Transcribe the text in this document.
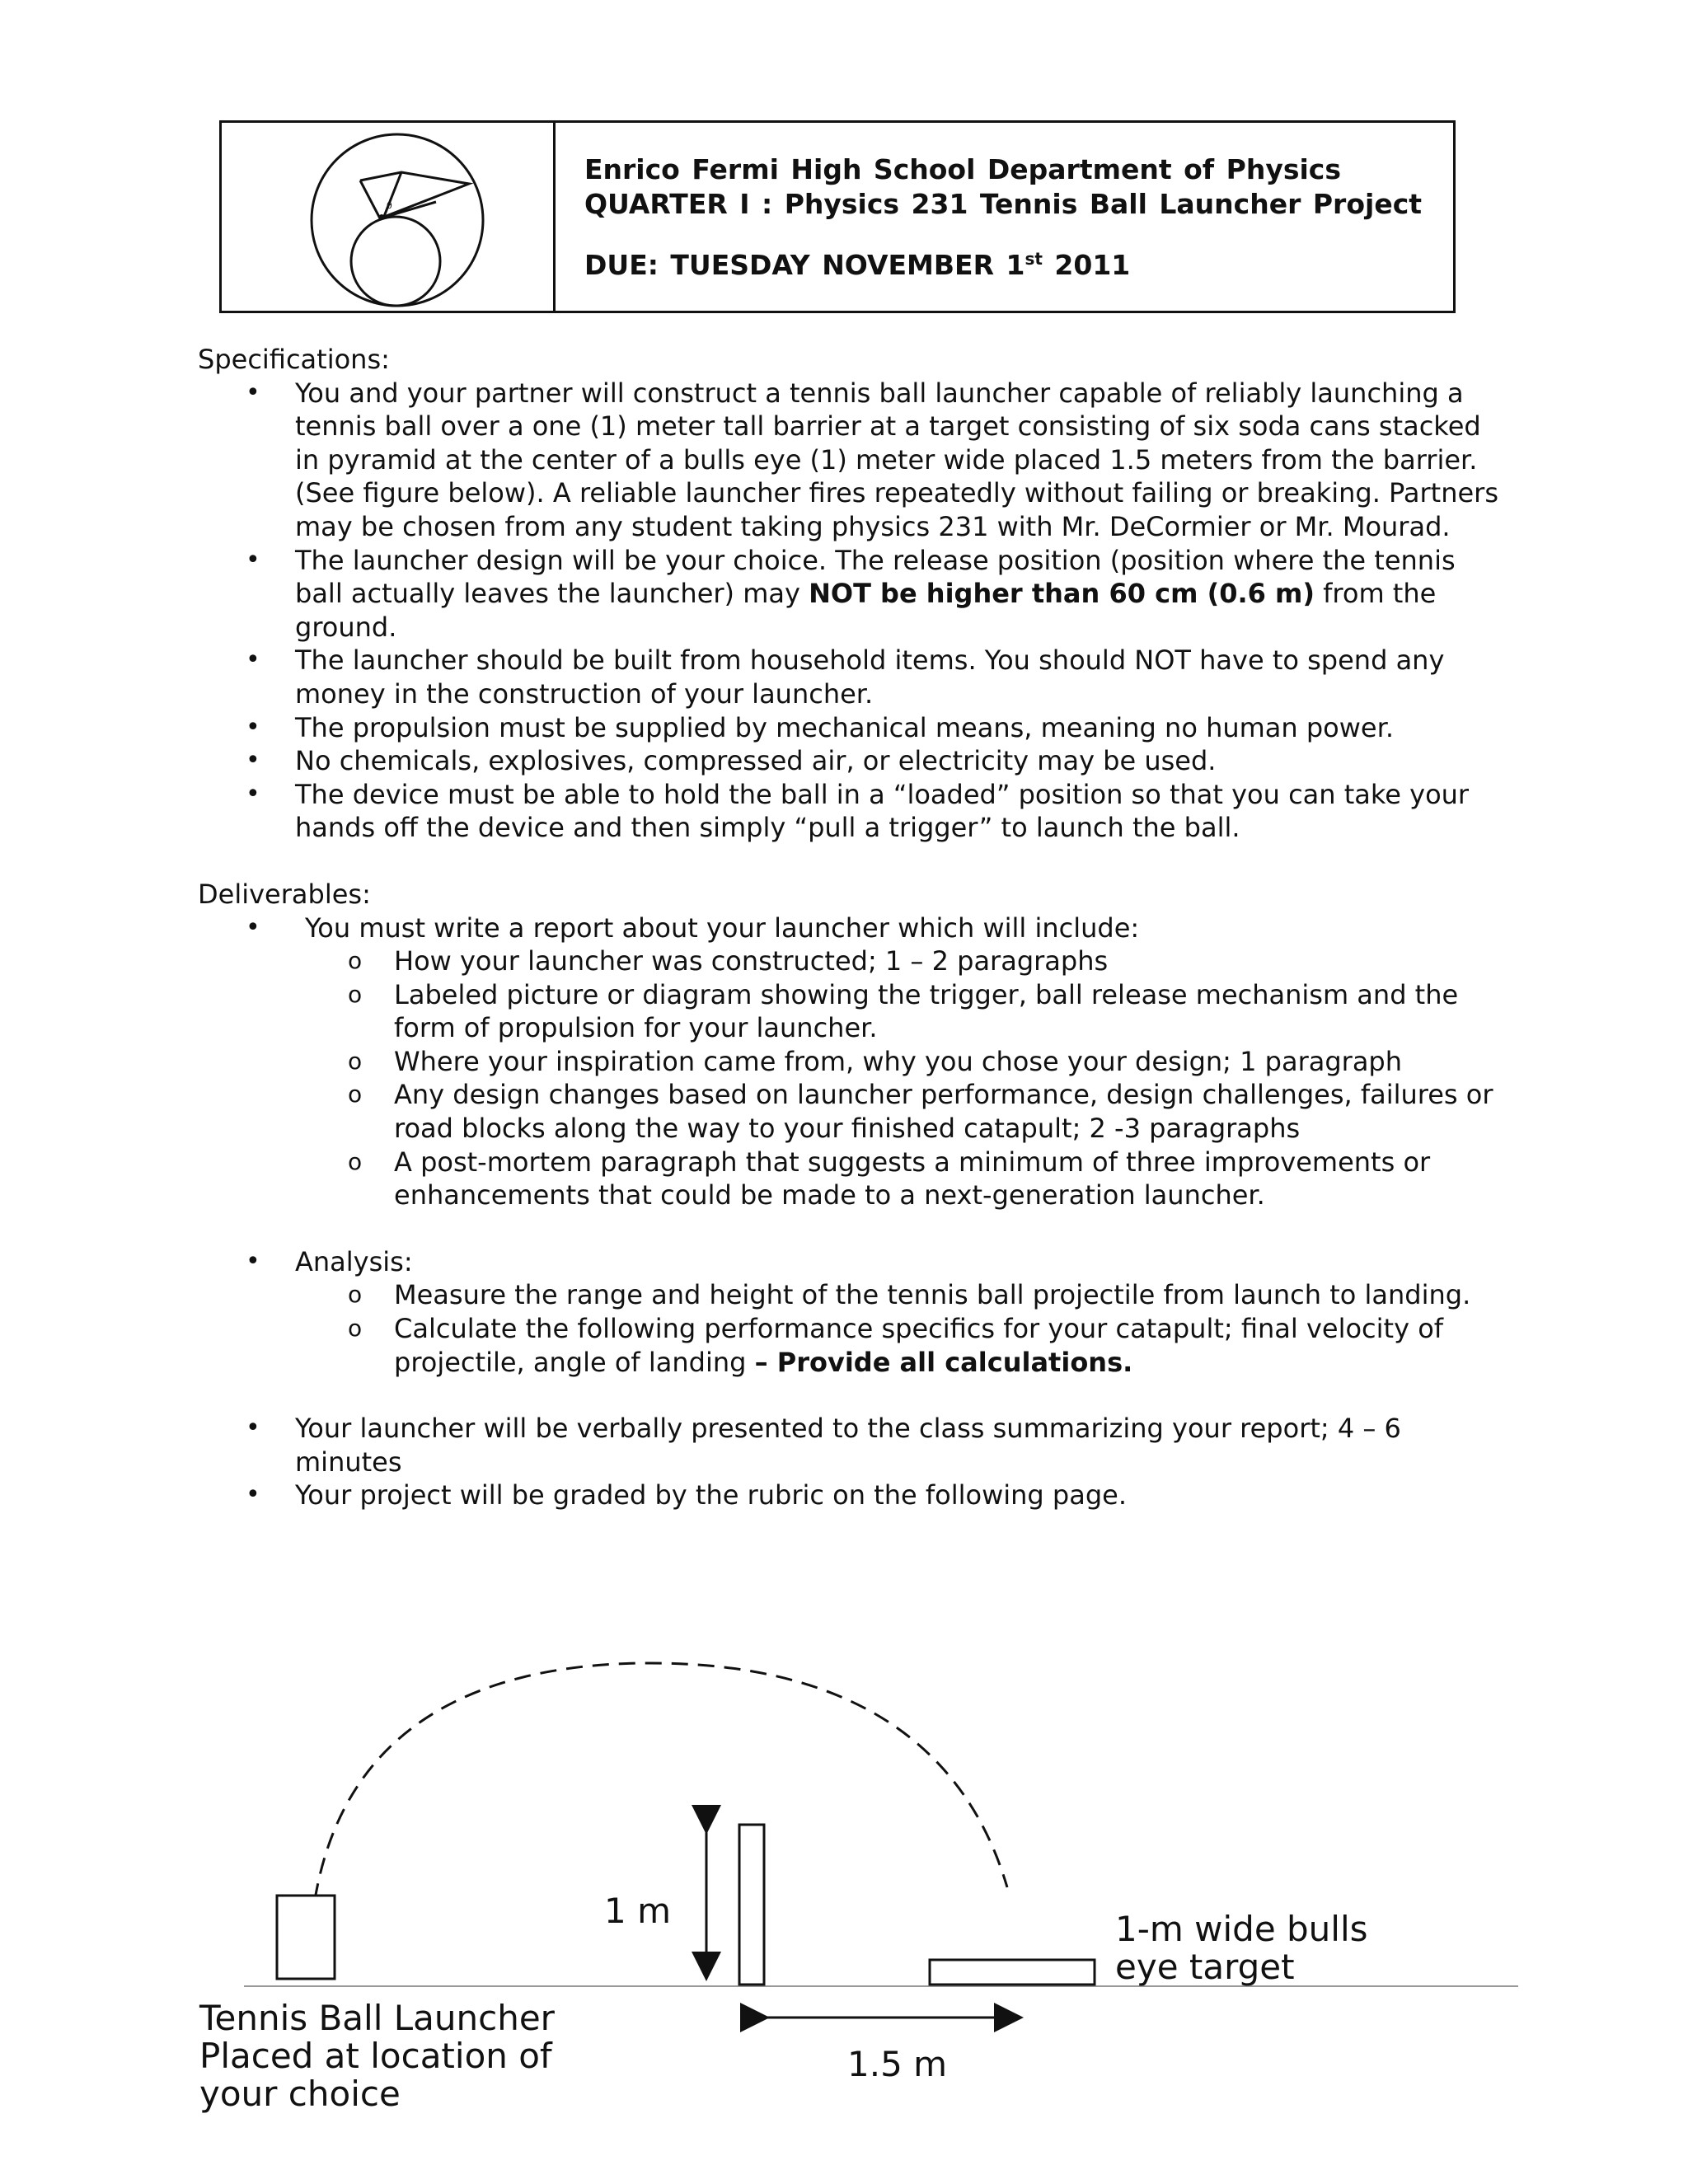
θ
Enrico Fermi High School Department of Physics
QUARTER I : Physics 231 Tennis Ball Launcher Project
DUE: TUESDAY NOVEMBER 1st 2011
Specifications:
• You and your partner will construct a tennis ball launcher capable of reliably launching a tennis ball over a one (1) meter tall barrier at a target consisting of six soda cans stacked in pyramid at the center of a bulls eye (1) meter wide placed 1.5 meters from the barrier. (See figure below). A reliable launcher fires repeatedly without failing or breaking. Partners may be chosen from any student taking physics 231 with Mr. DeCormier or Mr. Mourad.
• The launcher design will be your choice. The release position (position where the tennis ball actually leaves the launcher) may NOT be higher than 60 cm (0.6 m) from the ground.
• The launcher should be built from household items. You should NOT have to spend any money in the construction of your launcher.
• The propulsion must be supplied by mechanical means, meaning no human power.
• No chemicals, explosives, compressed air, or electricity may be used.
• The device must be able to hold the ball in a “loaded” position so that you can take your hands off the device and then simply “pull a trigger” to launch the ball.
Deliverables:
• You must write a report about your launcher which will include:
o How your launcher was constructed; 1 – 2 paragraphs
o Labeled picture or diagram showing the trigger, ball release mechanism and the form of propulsion for your launcher.
o Where your inspiration came from, why you chose your design; 1 paragraph
o Any design changes based on launcher performance, design challenges, failures or road blocks along the way to your finished catapult; 2 -3 paragraphs
o A post-mortem paragraph that suggests a minimum of three improvements or enhancements that could be made to a next-generation launcher.
• Analysis:
o Measure the range and height of the tennis ball projectile from launch to landing.
o Calculate the following performance specifics for your catapult; final velocity of projectile, angle of landing – Provide all calculations.
• Your launcher will be verbally presented to the class summarizing your report; 4 – 6 minutes
• Your project will be graded by the rubric on the following page.
1 m
1.5 m
1-m wide bulls
eye target
Tennis Ball Launcher
Placed at location of
your choice
